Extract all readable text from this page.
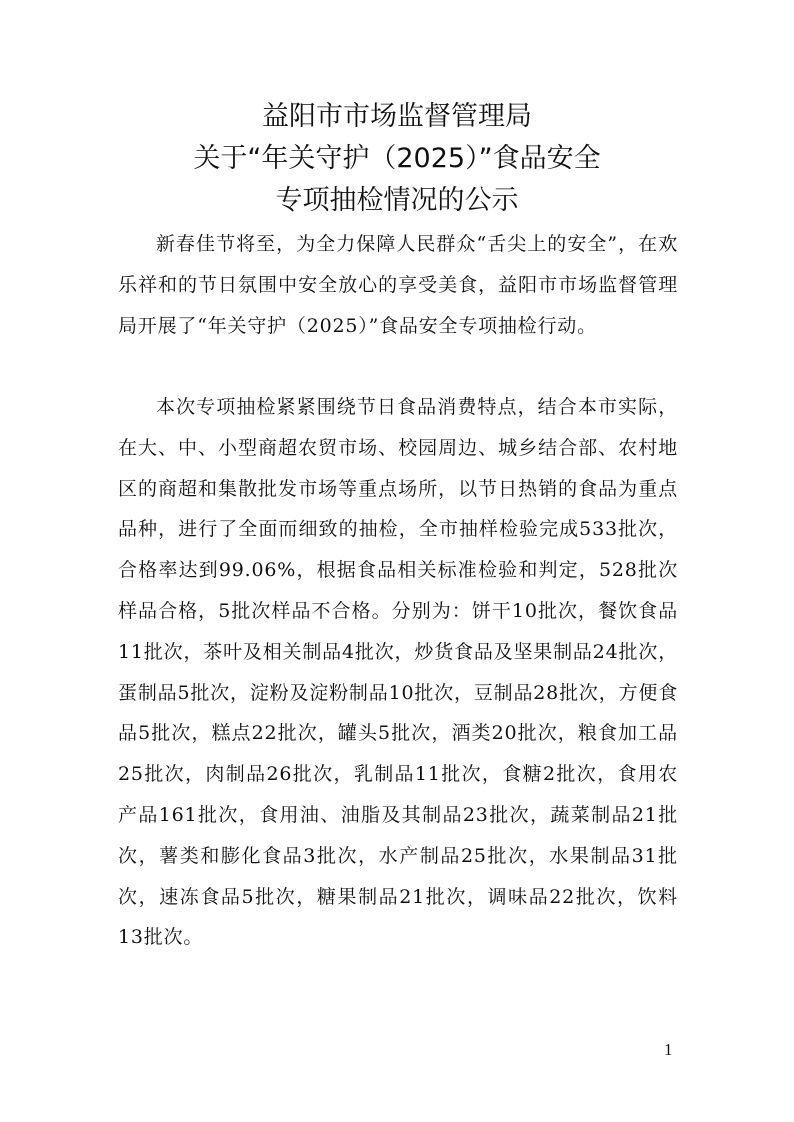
益阳市市场监督管理局
关于“年关守护（2025）”食品安全
专项抽检情况的公示

新春佳节将至，为全力保障人民群众“舌尖上的安全”，在欢乐祥和的节日氛围中安全放心的享受美食，益阳市市场监督管理局开展了“年关守护（2025）”食品安全专项抽检行动。

本次专项抽检紧紧围绕节日食品消费特点，结合本市实际，在大、中、小型商超农贸市场、校园周边、城乡结合部、农村地区的商超和集散批发市场等重点场所，以节日热销的食品为重点品种，进行了全面而细致的抽检，全市抽样检验完成533批次，合格率达到99.06%，根据食品相关标准检验和判定，528批次样品合格，5批次样品不合格。分别为：饼干10批次，餐饮食品11批次，茶叶及相关制品4批次，炒货食品及坚果制品24批次，蛋制品5批次，淀粉及淀粉制品10批次，豆制品28批次，方便食品5批次，糕点22批次，罐头5批次，酒类20批次，粮食加工品25批次，肉制品26批次，乳制品11批次，食糖2批次，食用农产品161批次，食用油、油脂及其制品23批次，蔬菜制品21批次，薯类和膨化食品3批次，水产制品25批次，水果制品31批次，速冻食品5批次，糖果制品21批次，调味品22批次，饮料13批次。

1
